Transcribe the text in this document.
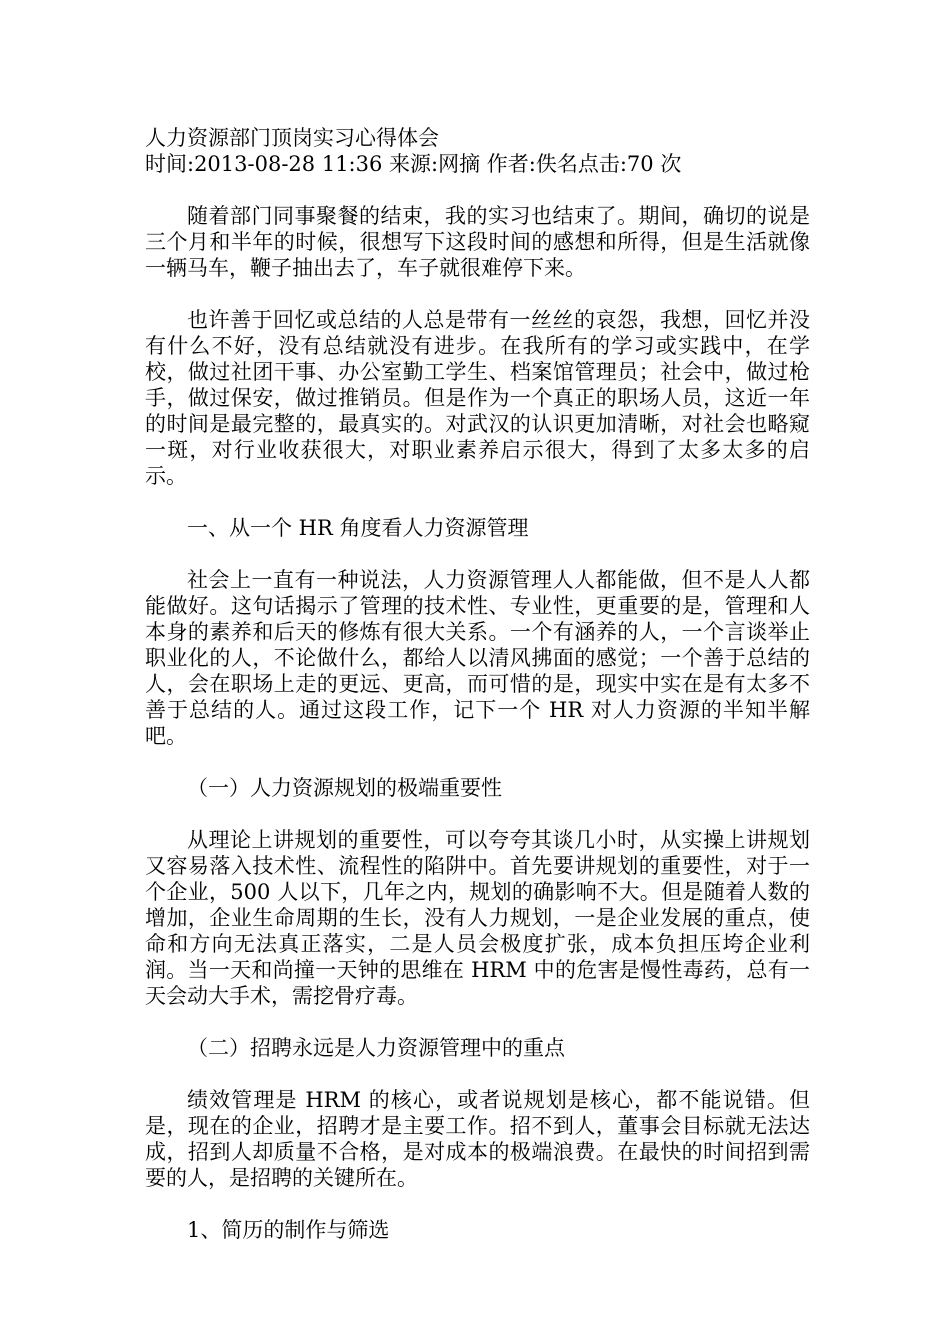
人力资源部门顶岗实习心得体会

时间:2013-08-28 11:36 来源:网摘 作者:佚名点击:70 次

随着部门同事聚餐的结束，我的实习也结束了。期间，确切的说是三个月和半年的时候，很想写下这段时间的感想和所得，但是生活就像一辆马车，鞭子抽出去了，车子就很难停下来。

也许善于回忆或总结的人总是带有一丝丝的哀怨，我想，回忆并没有什么不好，没有总结就没有进步。在我所有的学习或实践中，在学校，做过社团干事、办公室勤工学生、档案馆管理员；社会中，做过枪手，做过保安，做过推销员。但是作为一个真正的职场人员，这近一年的时间是最完整的，最真实的。对武汉的认识更加清晰，对社会也略窥一斑，对行业收获很大，对职业素养启示很大，得到了太多太多的启示。

一、从一个 HR 角度看人力资源管理

社会上一直有一种说法，人力资源管理人人都能做，但不是人人都能做好。这句话揭示了管理的技术性、专业性，更重要的是，管理和人本身的素养和后天的修炼有很大关系。一个有涵养的人，一个言谈举止职业化的人，不论做什么，都给人以清风拂面的感觉；一个善于总结的人，会在职场上走的更远、更高，而可惜的是，现实中实在是有太多不善于总结的人。通过这段工作，记下一个 HR 对人力资源的半知半解吧。

（一）人力资源规划的极端重要性

从理论上讲规划的重要性，可以夸夸其谈几小时，从实操上讲规划又容易落入技术性、流程性的陷阱中。首先要讲规划的重要性，对于一个企业，500 人以下，几年之内，规划的确影响不大。但是随着人数的增加，企业生命周期的生长，没有人力规划，一是企业发展的重点，使命和方向无法真正落实，二是人员会极度扩张，成本负担压垮企业利润。当一天和尚撞一天钟的思维在 HRM 中的危害是慢性毒药，总有一天会动大手术，需挖骨疗毒。

（二）招聘永远是人力资源管理中的重点

绩效管理是 HRM 的核心，或者说规划是核心，都不能说错。但是，现在的企业，招聘才是主要工作。招不到人，董事会目标就无法达成，招到人却质量不合格，是对成本的极端浪费。在最快的时间招到需要的人，是招聘的关键所在。

1、简历的制作与筛选
